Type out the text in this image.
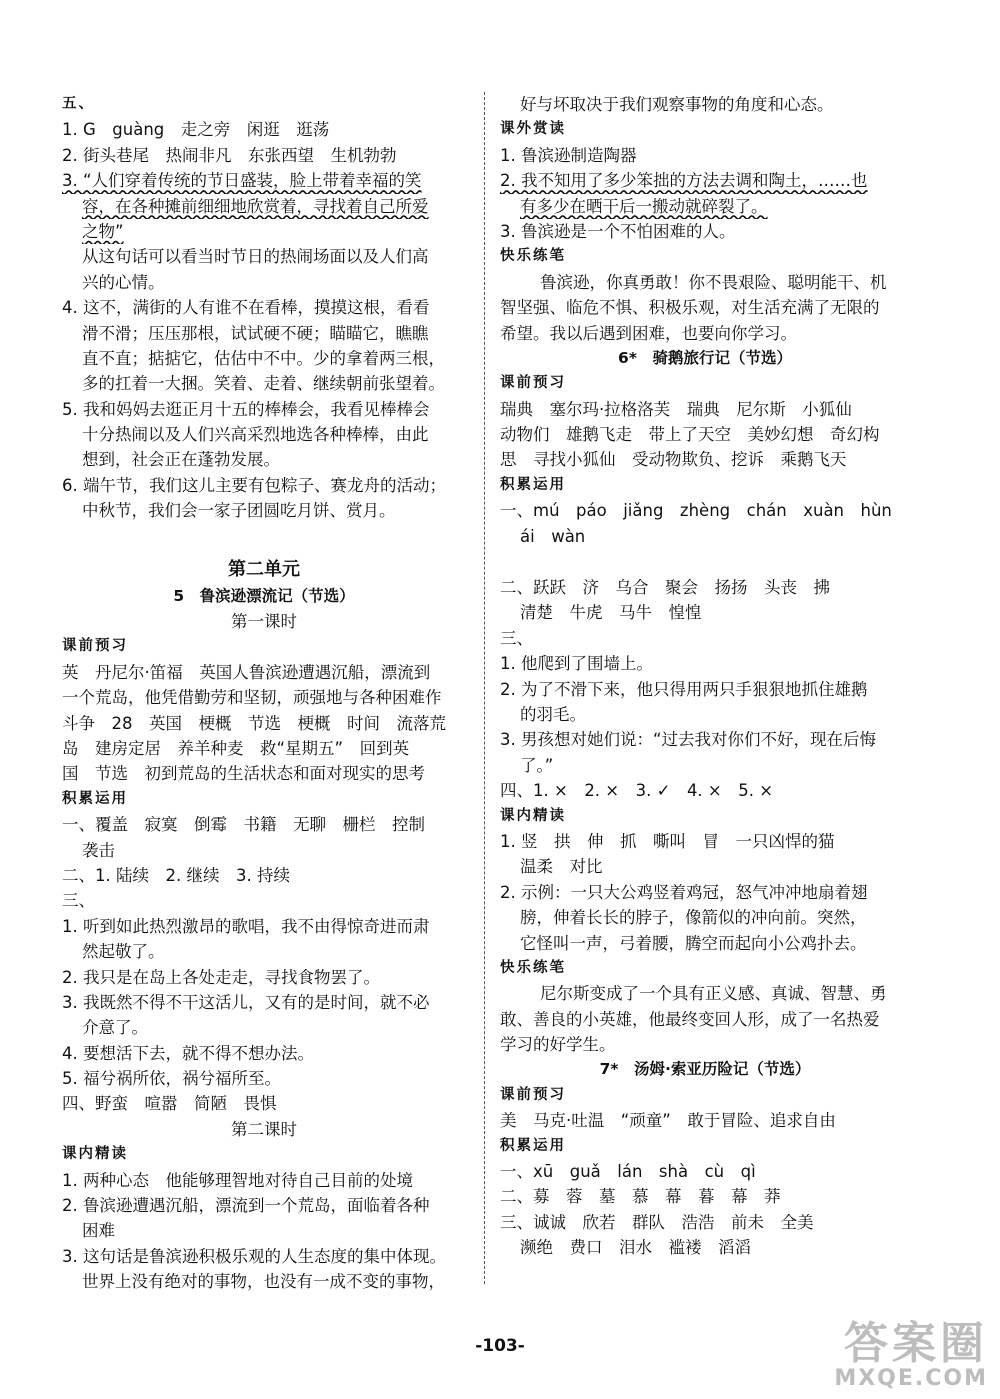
五、
1. G　guàng　走之旁　闲逛　逛荡
2. 街头巷尾　热闹非凡　东张西望　生机勃勃
3. “人们穿着传统的节日盛装，脸上带着幸福的笑
容，在各种摊前细细地欣赏着，寻找着自己所爱
之物”
从这句话可以看当时节日的热闹场面以及人们高
兴的心情。
4. 这不，满街的人有谁不在看棒，摸摸这根，看看
滑不滑；压压那根，试试硬不硬；瞄瞄它，瞧瞧
直不直；掂掂它，估估中不中。少的拿着两三根，
多的扛着一大捆。笑着、走着、继续朝前张望着。
5. 我和妈妈去逛正月十五的棒棒会，我看见棒棒会
十分热闹以及人们兴高采烈地选各种棒棒，由此
想到，社会正在蓬勃发展。
6. 端午节，我们这儿主要有包粽子、赛龙舟的活动；
中秋节，我们会一家子团圆吃月饼、赏月。
第二单元
5　鲁滨逊漂流记（节选）
第一课时
课前预习
英　丹尼尔·笛福　英国人鲁滨逊遭遇沉船，漂流到
一个荒岛，他凭借勤劳和坚韧，顽强地与各种困难作
斗争　28　英国　梗概　节选　梗概　时间　流落荒
岛　建房定居　养羊种麦　救“星期五”　回到英
国　节选　初到荒岛的生活状态和面对现实的思考
积累运用
一、覆盖　寂寞　倒霉　书籍　无聊　栅栏　控制
袭击
二、1. 陆续　2. 继续　3. 持续
三、
1. 听到如此热烈激昂的歌唱，我不由得惊奇进而肃
然起敬了。
2. 我只是在岛上各处走走，寻找食物罢了。
3. 我既然不得不干这活儿，又有的是时间，就不必
介意了。
4. 要想活下去，就不得不想办法。
5. 福兮祸所依，祸兮福所至。
四、野蛮　喧嚣　简陋　畏惧
第二课时
课内精读
1. 两种心态　他能够理智地对待自己目前的处境
2. 鲁滨逊遭遇沉船，漂流到一个荒岛，面临着各种
困难
3. 这句话是鲁滨逊积极乐观的人生态度的集中体现。
世界上没有绝对的事物，也没有一成不变的事物，
好与坏取决于我们观察事物的角度和心态。
课外赏读
1. 鲁滨逊制造陶器
2. 我不知用了多少笨拙的方法去调和陶土，……也
有多少在晒干后一搬动就碎裂了。
3. 鲁滨逊是一个不怕困难的人。
快乐练笔
鲁滨逊，你真勇敢！你不畏艰险、聪明能干、机
智坚强、临危不惧、积极乐观，对生活充满了无限的
希望。我以后遇到困难，也要向你学习。
6*　骑鹅旅行记（节选）
课前预习
瑞典　塞尔玛·拉格洛芙　瑞典　尼尔斯　小狐仙
动物们　雄鹅飞走　带上了天空　美妙幻想　奇幻构
思　寻找小狐仙　受动物欺负、挖诉　乘鹅飞天
积累运用
一、mú　páo　jiǎng　zhèng　chán　xuàn　hùn
ái　wàn
二、跃跃　济　乌合　聚会　扬扬　头丧　拂
清楚　牛虎　马牛　惶惶
三、
1. 他爬到了围墙上。
2. 为了不滑下来，他只得用两只手狠狠地抓住雄鹅
的羽毛。
3. 男孩想对她们说：“过去我对你们不好，现在后悔
了。”
四、1. ×　2. ×　3. ✓　4. ×　5. ×
课内精读
1. 竖　拱　伸　抓　嘶叫　冒　一只凶悍的猫
温柔　对比
2. 示例：一只大公鸡竖着鸡冠，怒气冲冲地扇着翅
膀，伸着长长的脖子，像箭似的冲向前。突然，
它怪叫一声，弓着腰，腾空而起向小公鸡扑去。
快乐练笔
尼尔斯变成了一个具有正义感、真诚、智慧、勇
敢、善良的小英雄，他最终变回人形，成了一名热爱
学习的好学生。
7*　汤姆·索亚历险记（节选）
课前预习
美　马克·吐温　“顽童”　敢于冒险、追求自由
积累运用
一、xū　guǎ　lán　shà　cù　qì
二、募　蓉　墓　慕　幕　暮　幕　莽
三、诚诚　欣若　群队　浩浩　前未　全美
濒绝　费口　泪水　褴褛　滔滔
-103-	答案圈
MXQE.COM
